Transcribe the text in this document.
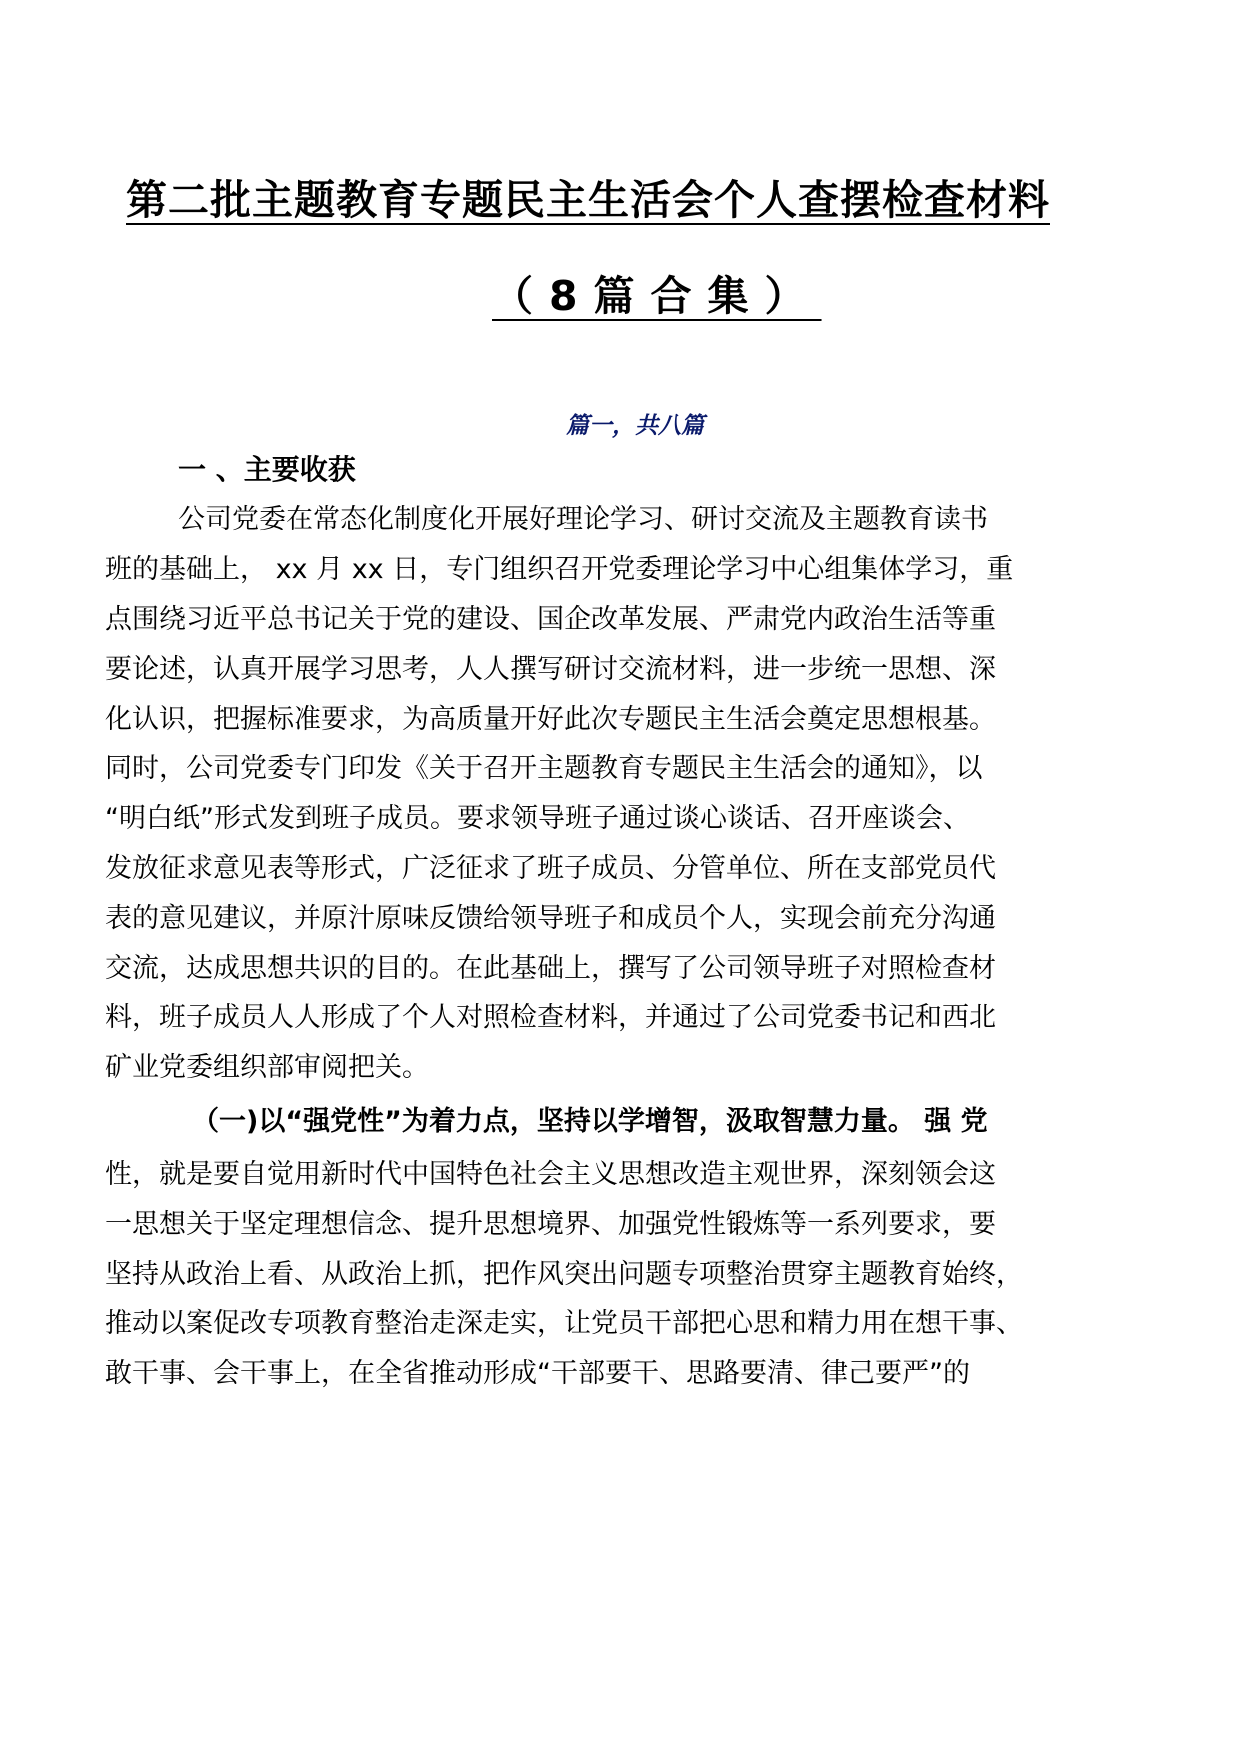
第二批主题教育专题民主生活会个人查摆检查材料
（8篇合集）
篇一，共八篇
一 、主要收获
公司党委在常态化制度化开展好理论学习、研讨交流及主题教育读书
班的基础上， xx 月 xx 日，专门组织召开党委理论学习中心组集体学习，重
点围绕习近平总书记关于党的建设、国企改革发展、严肃党内政治生活等重
要论述，认真开展学习思考，人人撰写研讨交流材料，进一步统一思想、深
化认识，把握标准要求，为高质量开好此次专题民主生活会奠定思想根基。
同时，公司党委专门印发《关于召开主题教育专题民主生活会的通知》，以
“明白纸”形式发到班子成员。要求领导班子通过谈心谈话、召开座谈会、
发放征求意见表等形式，广泛征求了班子成员、分管单位、所在支部党员代
表的意见建议，并原汁原味反馈给领导班子和成员个人，实现会前充分沟通
交流，达成思想共识的目的。在此基础上，撰写了公司领导班子对照检查材
料，班子成员人人形成了个人对照检查材料，并通过了公司党委书记和西北
矿业党委组织部审阅把关。
（一)以“强党性”为着力点，坚持以学增智，汲取智慧力量。 强 党
性，就是要自觉用新时代中国特色社会主义思想改造主观世界，深刻领会这
一思想关于坚定理想信念、提升思想境界、加强党性锻炼等一系列要求，要
坚持从政治上看、从政治上抓，把作风突出问题专项整治贯穿主题教育始终，
推动以案促改专项教育整治走深走实，让党员干部把心思和精力用在想干事、
敢干事、会干事上，在全省推动形成“干部要干、思路要清、律己要严”的
